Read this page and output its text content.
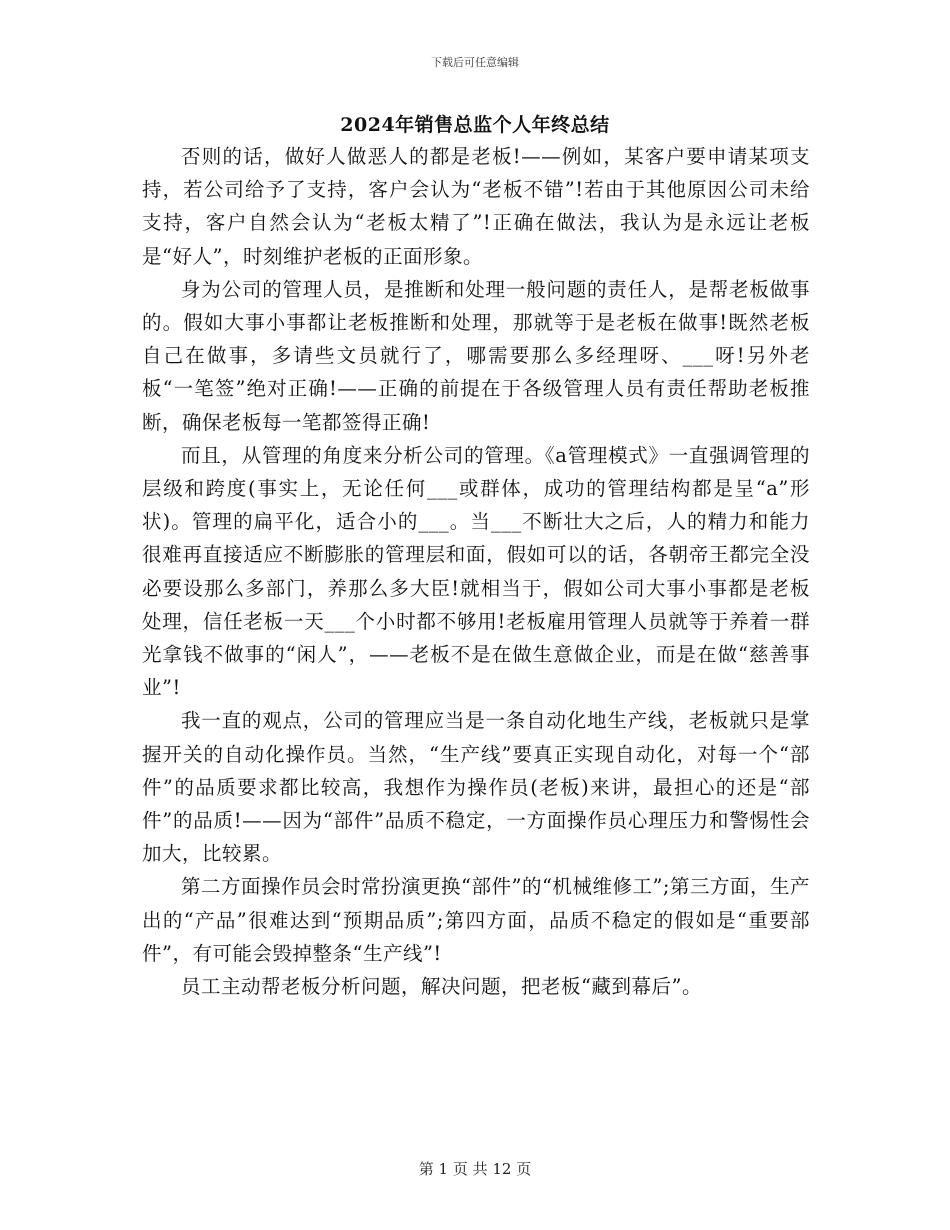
下载后可任意编辑
2024年销售总监个人年终总结

否则的话，做好人做恶人的都是老板!——例如，某客户要申请某项支持，若公司给予了支持，客户会认为“老板不错”!若由于其他原因公司未给支持，客户自然会认为“老板太精了”!正确在做法，我认为是永远让老板是“好人”，时刻维护老板的正面形象。

身为公司的管理人员，是推断和处理一般问题的责任人，是帮老板做事的。假如大事小事都让老板推断和处理，那就等于是老板在做事!既然老板自己在做事，多请些文员就行了，哪需要那么多经理呀、___呀!另外老板“一笔签”绝对正确!——正确的前提在于各级管理人员有责任帮助老板推断，确保老板每一笔都签得正确!

而且，从管理的角度来分析公司的管理。《a管理模式》一直强调管理的层级和跨度(事实上，无论任何___或群体，成功的管理结构都是呈“a”形状)。管理的扁平化，适合小的___。当___不断壮大之后，人的精力和能力很难再直接适应不断膨胀的管理层和面，假如可以的话，各朝帝王都完全没必要设那么多部门，养那么多大臣!就相当于，假如公司大事小事都是老板处理，信任老板一天___个小时都不够用!老板雇用管理人员就等于养着一群光拿钱不做事的“闲人”，——老板不是在做生意做企业，而是在做“慈善事业”!

我一直的观点，公司的管理应当是一条自动化地生产线，老板就只是掌握开关的自动化操作员。当然，“生产线”要真正实现自动化，对每一个“部件”的品质要求都比较高，我想作为操作员(老板)来讲，最担心的还是“部件”的品质!——因为“部件”品质不稳定，一方面操作员心理压力和警惕性会加大，比较累。

第二方面操作员会时常扮演更换“部件”的“机械维修工”;第三方面，生产出的“产品”很难达到“预期品质”;第四方面，品质不稳定的假如是“重要部件”，有可能会毁掉整条“生产线”!

员工主动帮老板分析问题，解决问题，把老板“藏到幕后”。

第 1 页 共 12 页
